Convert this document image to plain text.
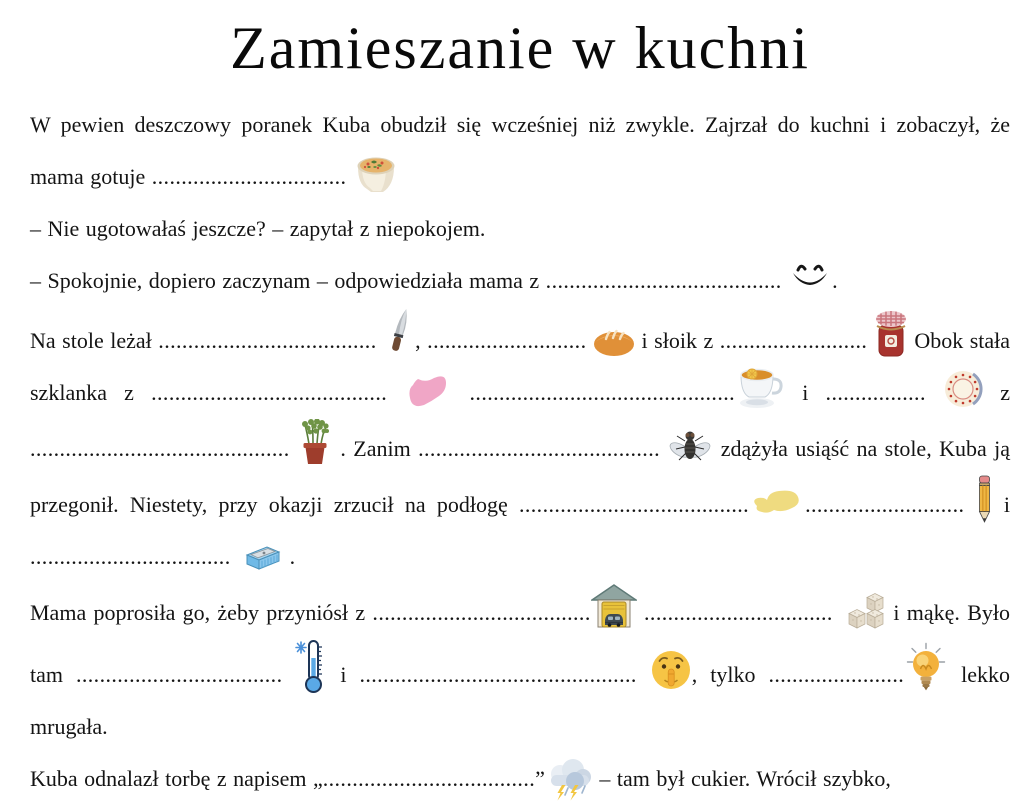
Zamieszanie w kuchni

W pewien deszczowy poranek Kuba obudził się wcześniej niż zwykle. Zajrzał do kuchni i zobaczył, że mama gotuje .................................

– Nie ugotowałaś jeszcze? – zapytał z niepokojem.

– Spokojnie, dopiero zaczynam – odpowiedziała mama z ........................................ .

Na stole leżał ..................................... , ...........................  i słoik z .........................  Obok stała szklanka z ........................................	............................................. i .................	z ............................................  . Zanim .........................................  zdążyła usiąść na stole, Kuba ją przegonił. Niestety, przy okazji zrzucił na podłogę .......................................	...........................  i ..................................  .

Mama poprosiła go, żeby przyniósł z ..................................... ................................  i mąkę. Było tam ...................................  i ............................................... , tylko ....................... lekko mrugała.

Kuba odnalazł torbę z napisem „....................................” – tam był cukier. Wrócił szybko,
